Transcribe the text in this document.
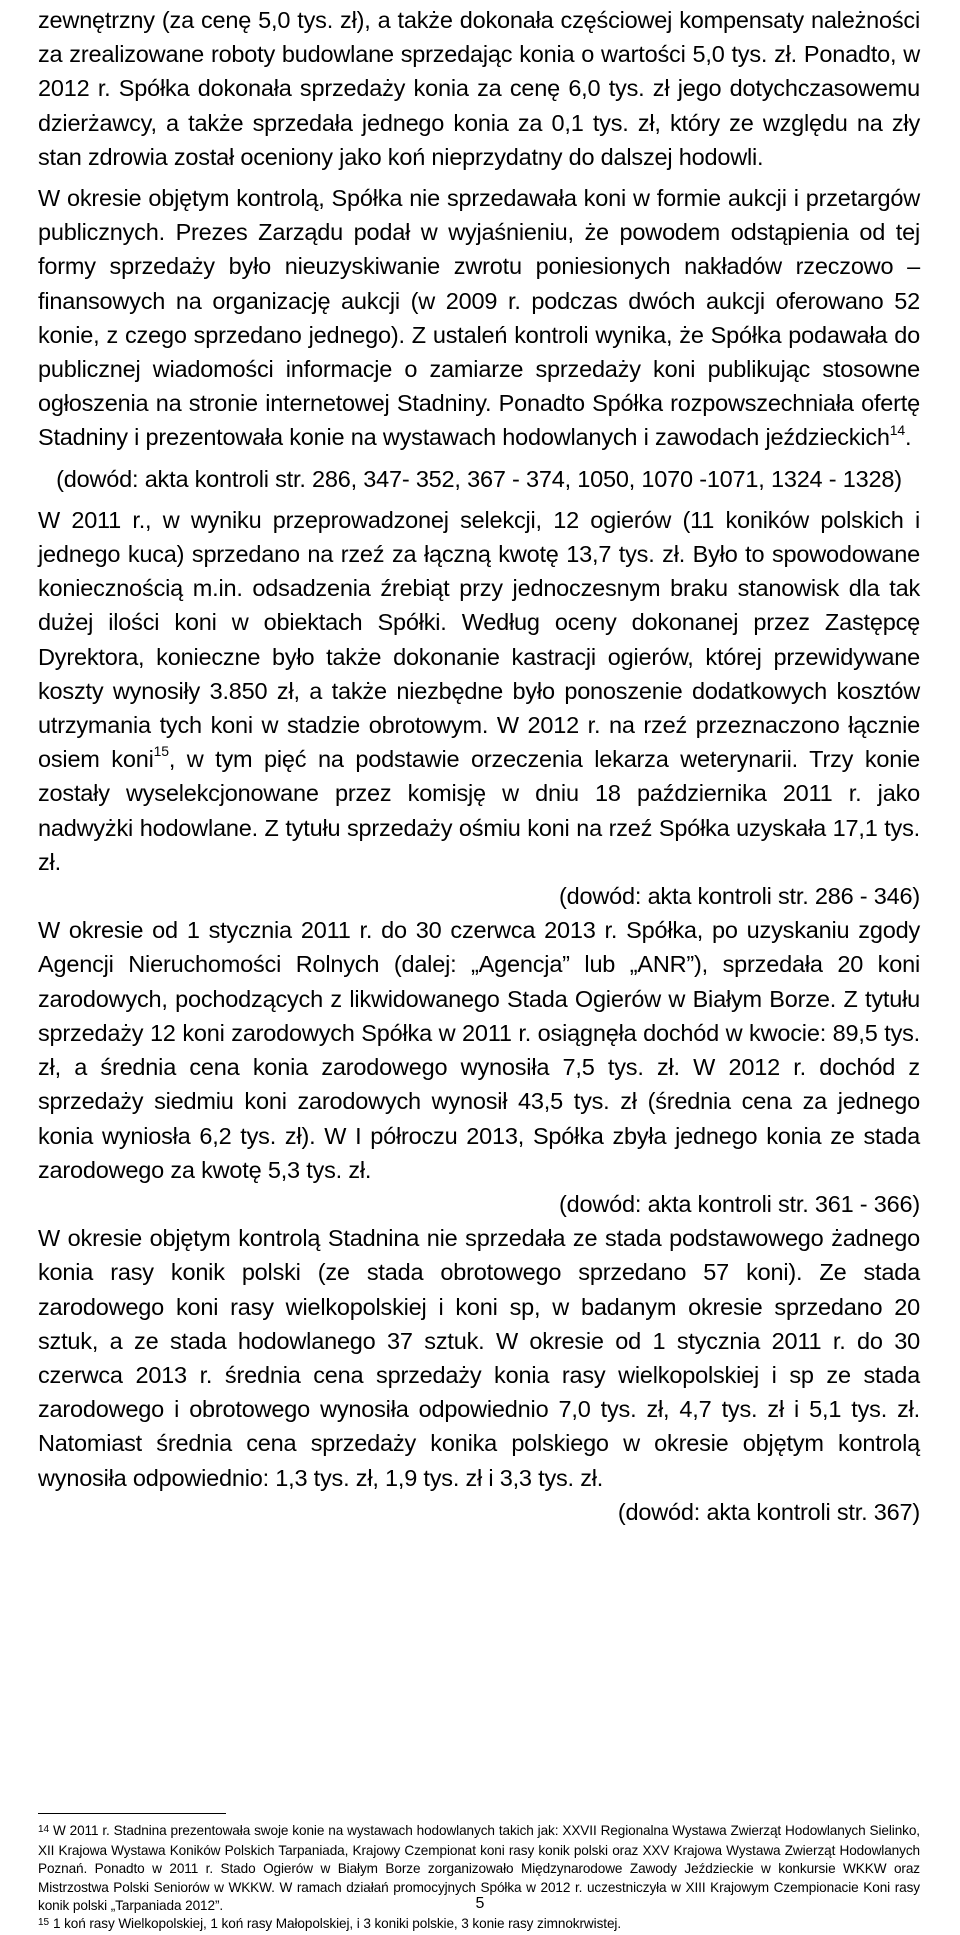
zewnętrzny (za cenę 5,0 tys. zł), a także dokonała częściowej kompensaty należności za zrealizowane roboty budowlane sprzedając konia o wartości 5,0 tys. zł. Ponadto, w 2012 r. Spółka dokonała sprzedaży konia za cenę 6,0 tys. zł jego dotychczasowemu dzierżawcy, a także sprzedała jednego konia za 0,1 tys. zł, który ze względu na zły stan zdrowia został oceniony jako koń nieprzydatny do dalszej hodowli.

W okresie objętym kontrolą, Spółka nie sprzedawała koni w formie aukcji i przetargów publicznych. Prezes Zarządu podał w wyjaśnieniu, że powodem odstąpienia od tej formy sprzedaży było nieuzyskiwanie zwrotu poniesionych nakładów rzeczowo – finansowych na organizację aukcji (w 2009 r. podczas dwóch aukcji oferowano 52 konie, z czego sprzedano jednego). Z ustaleń kontroli wynika, że Spółka podawała do publicznej wiadomości informacje o zamiarze sprzedaży koni publikując stosowne ogłoszenia na stronie internetowej Stadniny. Ponadto Spółka rozpowszechniała ofertę Stadniny i prezentowała konie na wystawach hodowlanych i zawodach jeździeckich$^{14}$.

(dowód: akta kontroli str. 286, 347- 352, 367 - 374, 1050, 1070 -1071, 1324 - 1328)

W 2011 r., w wyniku przeprowadzonej selekcji, 12 ogierów (11 koników polskich i jednego kuca) sprzedano na rzeź za łączną kwotę 13,7 tys. zł. Było to spowodowane koniecznością m.in. odsadzenia źrebiąt przy jednoczesnym braku stanowisk dla tak dużej ilości koni w obiektach Spółki. Według oceny dokonanej przez Zastępcę Dyrektora, konieczne było także dokonanie kastracji ogierów, której przewidywane koszty wynosiły 3.850 zł, a także niezbędne było ponoszenie dodatkowych kosztów utrzymania tych koni w stadzie obrotowym. W 2012 r. na rzeź przeznaczono łącznie osiem koni$^{15}$, w tym pięć na podstawie orzeczenia lekarza weterynarii. Trzy konie zostały wyselekcjonowane przez komisję w dniu 18 października 2011 r. jako nadwyżki hodowlane. Z tytułu sprzedaży ośmiu koni na rzeź Spółka uzyskała 17,1 tys. zł.

(dowód: akta kontroli str. 286 - 346)

W okresie od 1 stycznia 2011 r. do 30 czerwca 2013 r. Spółka, po uzyskaniu zgody Agencji Nieruchomości Rolnych (dalej: „Agencja” lub „ANR”), sprzedała 20 koni zarodowych, pochodzących z likwidowanego Stada Ogierów w Białym Borze. Z tytułu sprzedaży 12 koni zarodowych Spółka w 2011 r. osiągnęła dochód w kwocie: 89,5 tys. zł, a średnia cena konia zarodowego wynosiła 7,5 tys. zł. W 2012 r. dochód z sprzedaży siedmiu koni zarodowych wynosił 43,5 tys. zł (średnia cena za jednego konia wyniosła 6,2 tys. zł). W I półroczu 2013, Spółka zbyła jednego konia ze stada zarodowego za kwotę 5,3 tys. zł.

(dowód: akta kontroli str. 361 - 366)

W okresie objętym kontrolą Stadnina nie sprzedała ze stada podstawowego żadnego konia rasy konik polski (ze stada obrotowego sprzedano 57 koni). Ze stada zarodowego koni rasy wielkopolskiej i koni sp, w badanym okresie sprzedano 20 sztuk, a ze stada hodowlanego 37 sztuk. W okresie od 1 stycznia 2011 r. do 30 czerwca 2013 r. średnia cena sprzedaży konia rasy wielkopolskiej i sp ze stada zarodowego i obrotowego wynosiła odpowiednio 7,0 tys. zł, 4,7 tys. zł i 5,1 tys. zł. Natomiast średnia cena sprzedaży konika polskiego w okresie objętym kontrolą wynosiła odpowiednio: 1,3 tys. zł, 1,9 tys. zł i 3,3 tys. zł.

(dowód: akta kontroli str. 367)

$^{14}$ W 2011 r. Stadnina prezentowała swoje konie na wystawach hodowlanych takich jak: XXVII Regionalna Wystawa Zwierząt Hodowlanych Sielinko, XII Krajowa Wystawa Koników Polskich Tarpaniada, Krajowy Czempionat koni rasy konik polski oraz XXV Krajowa Wystawa Zwierząt Hodowlanych Poznań. Ponadto w 2011 r. Stado Ogierów w Białym Borze zorganizowało Międzynarodowe Zawody Jeździeckie w konkursie WKKW oraz Mistrzostwa Polski Seniorów w WKKW. W ramach działań promocyjnych Spółka w 2012 r. uczestniczyła w XIII Krajowym Czempionacie Koni rasy konik polski „Tarpaniada 2012”.

$^{15}$ 1 koń rasy Wielkopolskiej, 1 koń rasy Małopolskiej, i 3 koniki polskie, 3 konie rasy zimnokrwistej.

5
